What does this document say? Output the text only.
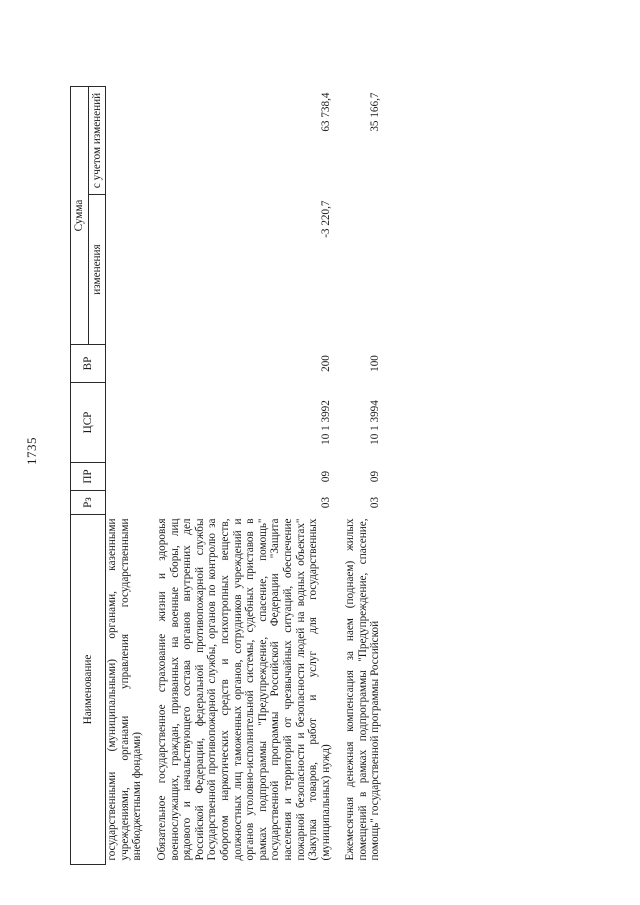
1735
Наименование	Рз	ПР	ЦСР	ВР	Сумма	
					изменения	с учетом изменений
государственными (муниципальными) органами, казенными учреждениями, органами управления государственными внебюджетными фондами)						
Обязательное государственное страхование жизни и здоровья военнослужащих, граждан, призванных на военные сборы, лиц рядового и начальствующего состава органов внутренних дел Российской Федерации, федеральной противопожарной службы Государственной противопожарной службы, органов по контролю за оборотом наркотических средств и психотропных веществ, должностных лиц таможенных органов, сотрудников учреждений и органов уголовно-исполнительной системы, судебных приставов в рамках подпрограммы "Предупреждение, спасение, помощь" государственной программы Российской Федерации "Защита населения и территорий от чрезвычайных ситуаций, обеспечение пожарной безопасности и безопасности людей на водных объектах" (Закупка товаров, работ и услуг для государственных (муниципальных) нужд)	03	09	10 1 3992	200	-3 220,7	63 738,4
Ежемесячная денежная компенсация за наем (поднаем) жилых помещений в рамках подпрограммы "Предупреждение, спасение, помощь" государственной программы Российской	03	09	10 1 3994	100		35 166,7
